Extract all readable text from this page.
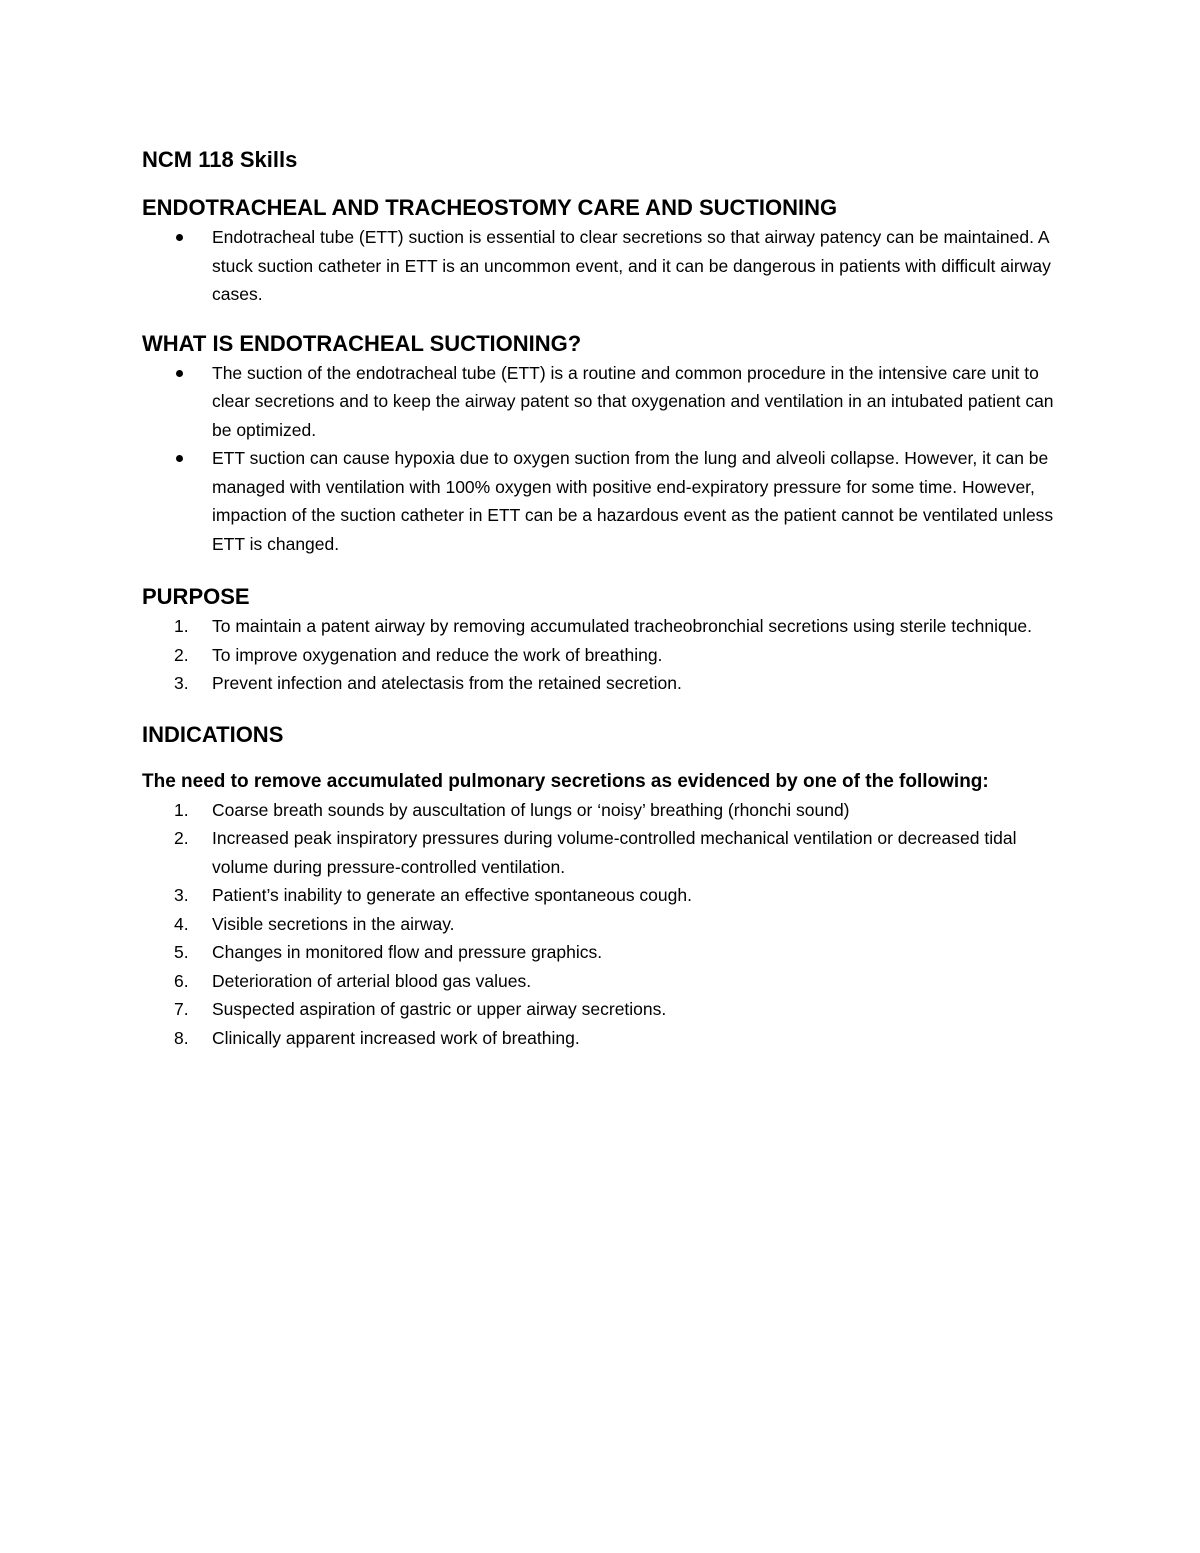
NCM 118 Skills
ENDOTRACHEAL AND TRACHEOSTOMY CARE AND SUCTIONING
Endotracheal tube (ETT) suction is essential to clear secretions so that airway patency can be maintained. A stuck suction catheter in ETT is an uncommon event, and it can be dangerous in patients with difficult airway cases.
WHAT IS ENDOTRACHEAL SUCTIONING?
The suction of the endotracheal tube (ETT) is a routine and common procedure in the intensive care unit to clear secretions and to keep the airway patent so that oxygenation and ventilation in an intubated patient can be optimized.
ETT suction can cause hypoxia due to oxygen suction from the lung and alveoli collapse. However, it can be managed with ventilation with 100% oxygen with positive end-expiratory pressure for some time. However, impaction of the suction catheter in ETT can be a hazardous event as the patient cannot be ventilated unless ETT is changed.
PURPOSE
1. To maintain a patent airway by removing accumulated tracheobronchial secretions using sterile technique.
2. To improve oxygenation and reduce the work of breathing.
3. Prevent infection and atelectasis from the retained secretion.
INDICATIONS

The need to remove accumulated pulmonary secretions as evidenced by one of the following:

1. Coarse breath sounds by auscultation of lungs or ‘noisy’ breathing (rhonchi sound)
2. Increased peak inspiratory pressures during volume-controlled mechanical ventilation or decreased tidal volume during pressure-controlled ventilation.
3. Patient’s inability to generate an effective spontaneous cough.
4. Visible secretions in the airway.
5. Changes in monitored flow and pressure graphics.
6. Deterioration of arterial blood gas values.
7. Suspected aspiration of gastric or upper airway secretions.
8. Clinically apparent increased work of breathing.
